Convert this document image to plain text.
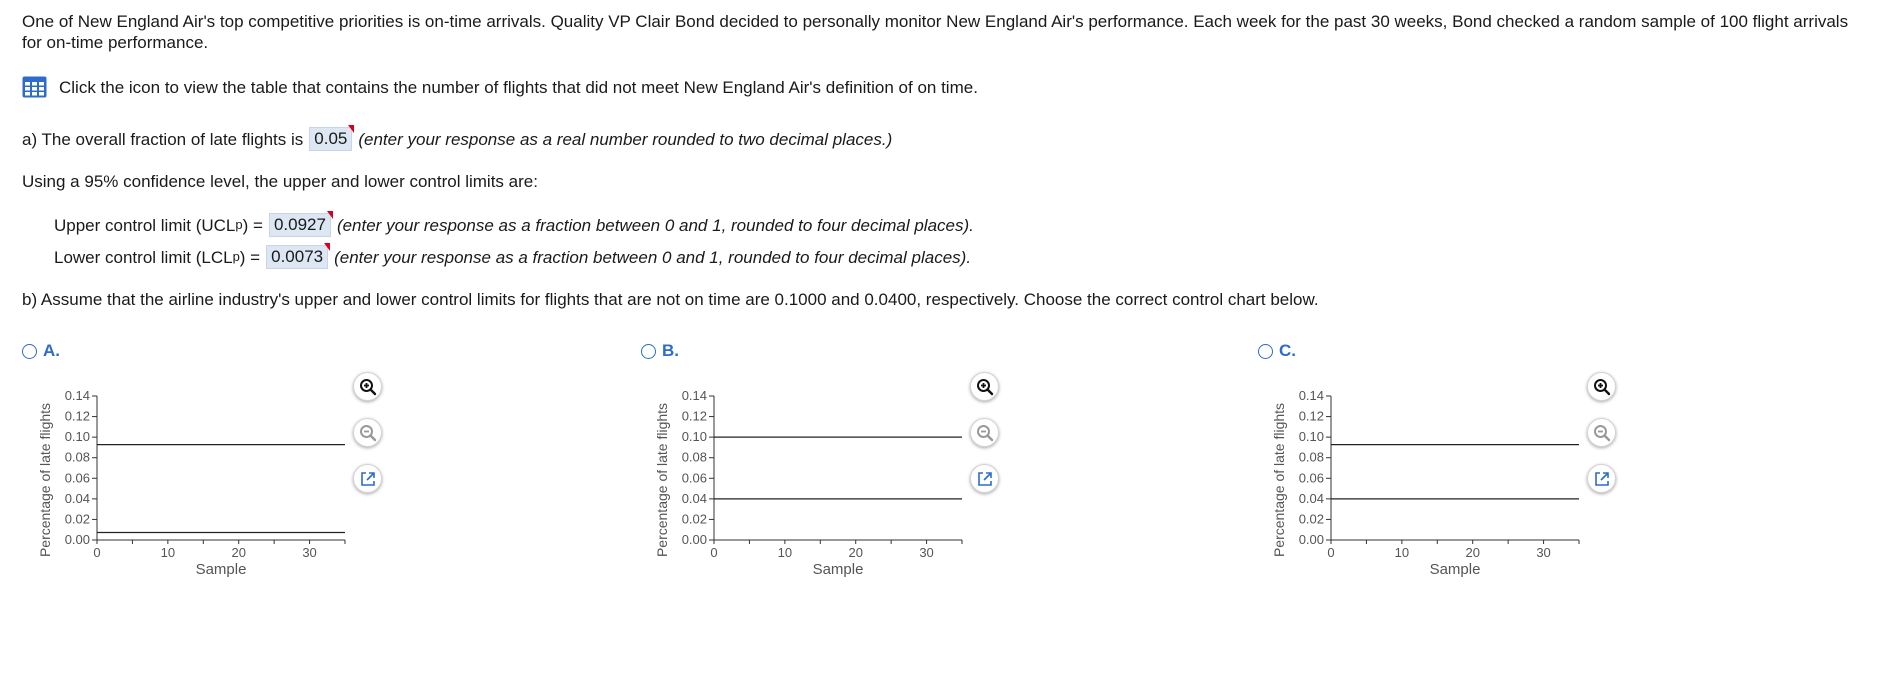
One of New England Air's top competitive priorities is on-time arrivals. Quality VP Clair Bond decided to personally monitor New England Air's performance. Each week for the past 30 weeks, Bond checked a random sample of 100 flight arrivals for on-time performance.

Click the icon to view the table that contains the number of flights that did not meet New England Air's definition of on time.
a) The overall fraction of late flights is 0.05 (enter your response as a real number rounded to two decimal places.)

Using a 95% confidence level, the upper and lower control limits are:

Upper control limit (UCL p ) = 0.0927 (enter your response as a fraction between 0 and 1, rounded to four decimal places).
Lower control limit (LCL p ) = 0.0073 (enter your response as a fraction between 0 and 1, rounded to four decimal places).

b) Assume that the airline industry's upper and lower control limits for flights that are not on time are 0.1000 and 0.0400, respectively. Choose the correct control chart below.

A.
0.00
0.02
0.04
0.06
0.08
0.10
0.12
0.14
0	10	20	30
Sample
Percentage of late flights
B.
0.00
0.02
0.04
0.06
0.08
0.10
0.12
0.14
0	10	20	30
Sample
Percentage of late flights
C.
0.00
0.02
0.04
0.06
0.08
0.10
0.12
0.14
0	10	20	30
Sample
Percentage of late flights
